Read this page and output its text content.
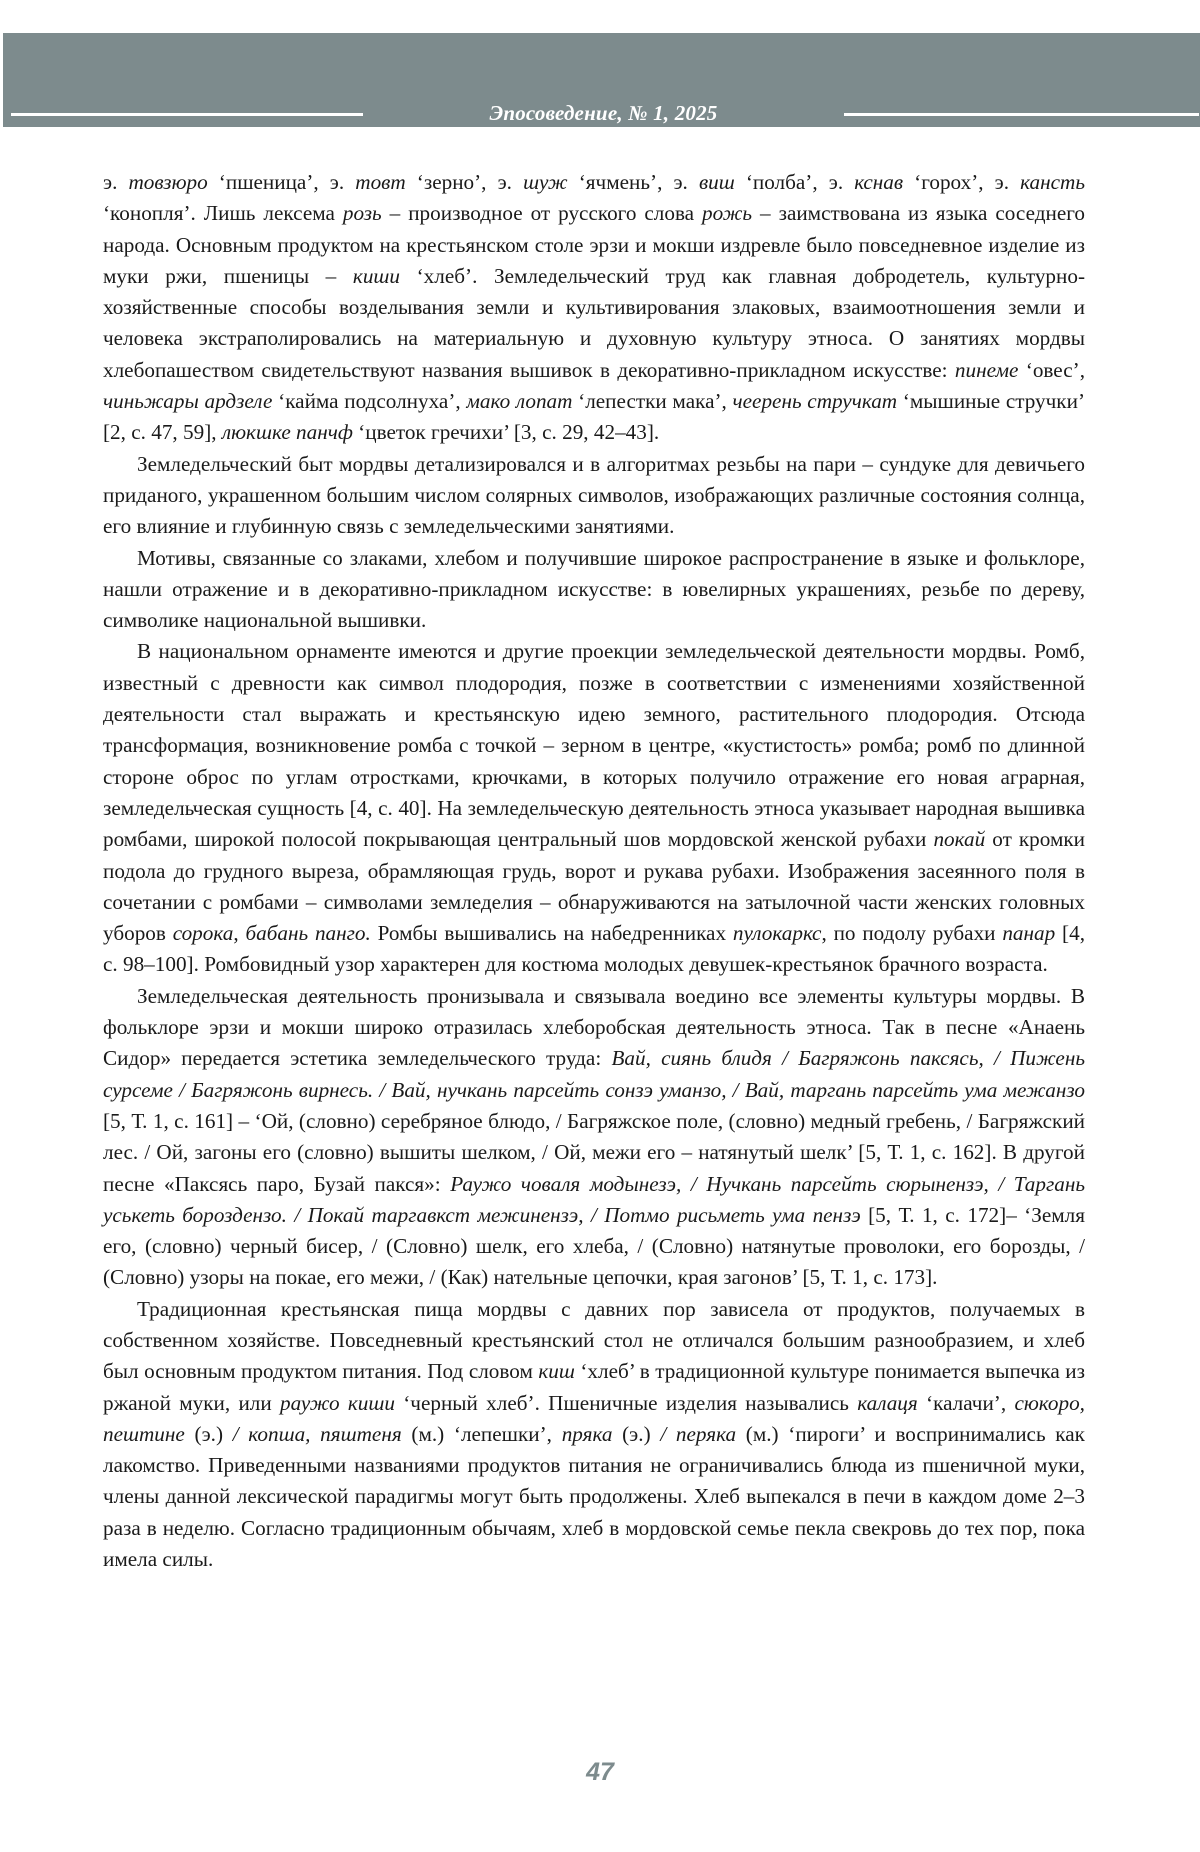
Эпосоведение, № 1, 2025

э. товзюро ‘пшеница’, э. товт ‘зерно’, э. шуж ‘ячмень’, э. виш ‘полба’, э. кснав ‘горох’, э. кансть ‘конопля’. Лишь лексема розь – производное от русского слова рожь – заимствована из языка соседнего народа. Основным продуктом на крестьянском столе эрзи и мокши издревле было повседневное изделие из муки ржи, пшеницы – киши ‘хлеб’. Земледельческий труд как главная добродетель, культурно-хозяйственные способы возделывания земли и культивирования злаковых, взаимоотношения земли и человека экстраполировались на материальную и духовную культуру этноса. О занятиях мордвы хлебопашеством свидетельствуют названия вышивок в декоративно-прикладном искусстве: пинеме ‘овес’, чиньжары ардзеле ‘кайма подсолнуха’, мако лопат ‘лепестки мака’, чеерень стручкат ‘мышиные стручки’ [2, с. 47, 59], люкшке панчф ‘цветок гречихи’ [3, с. 29, 42–43].

Земледельческий быт мордвы детализировался и в алгоритмах резьбы на пари – сундуке для девичьего приданого, украшенном большим числом солярных символов, изображающих различные состояния солнца, его влияние и глубинную связь с земледельческими занятиями.

Мотивы, связанные со злаками, хлебом и получившие широкое распространение в языке и фольклоре, нашли отражение и в декоративно-прикладном искусстве: в ювелирных украшениях, резьбе по дереву, символике национальной вышивки.

В национальном орнаменте имеются и другие проекции земледельческой деятельности мордвы. Ромб, известный с древности как символ плодородия, позже в соответствии с изменениями хозяйственной деятельности стал выражать и крестьянскую идею земного, растительного плодородия. Отсюда трансформация, возникновение ромба с точкой – зерном в центре, «кустистость» ромба; ромб по длинной стороне оброс по углам отростками, крючками, в которых получило отражение его новая аграрная, земледельческая сущность [4, с. 40]. На земледельческую деятельность этноса указывает народная вышивка ромбами, широкой полосой покрывающая центральный шов мордовской женской рубахи покай от кромки подола до грудного выреза, обрамляющая грудь, ворот и рукава рубахи. Изображения засеянного поля в сочетании с ромбами – символами земледелия – обнаруживаются на затылочной части женских головных уборов сорока, бабань панго. Ромбы вышивались на набедренниках пулокаркс, по подолу рубахи панар [4, с. 98–100]. Ромбовидный узор характерен для костюма молодых девушек-крестьянок брачного возраста.

Земледельческая деятельность пронизывала и связывала воедино все элементы культуры мордвы. В фольклоре эрзи и мокши широко отразилась хлеборобская деятельность этноса. Так в песне «Анаень Сидор» передается эстетика земледельческого труда: Вай, сиянь блидя / Багряжонь паксясь, / Пижень сурсеме / Багряжонь вирнесь. / Вай, нучкань парсейть сонзэ уманзо, / Вай, таргань парсейть ума межанзо [5, Т. 1, с. 161] – ‘Ой, (словно) серебряное блюдо, / Багряжское поле, (словно) медный гребень, / Багряжский лес. / Ой, загоны его (словно) вышиты шелком, / Ой, межи его – натянутый шелк’ [5, Т. 1, с. 162]. В другой песне «Паксясь паро, Бузай пакся»: Раужо човаля модынезэ, / Нучкань парсейть сюрынензэ, / Таргань уськеть бороздензо. / Покай таргавкст межинензэ, / Потмо рисьметь ума пензэ [5, Т. 1, с. 172]– ‘Земля его, (словно) черный бисер, / (Словно) шелк, его хлеба, / (Словно) натянутые проволоки, его борозды, / (Словно) узоры на покае, его межи, / (Как) нательные цепочки, края загонов’ [5, Т. 1, с. 173].

Традиционная крестьянская пища мордвы с давних пор зависела от продуктов, получаемых в собственном хозяйстве. Повседневный крестьянский стол не отличался большим разнообразием, и хлеб был основным продуктом питания. Под словом киш ‘хлеб’ в традиционной культуре понимается выпечка из ржаной муки, или раужо киши ‘черный хлеб’. Пшеничные изделия назывались калаця ‘калачи’, сюкоро, пештине (э.) / копша, пяштеня (м.) ‘лепешки’, пряка (э.) / перяка (м.) ‘пироги’ и воспринимались как лакомство. Приведенными названиями продуктов питания не ограничивались блюда из пшеничной муки, члены данной лексической парадигмы могут быть продолжены. Хлеб выпекался в печи в каждом доме 2–3 раза в неделю. Согласно традиционным обычаям, хлеб в мордовской семье пекла свекровь до тех пор, пока имела силы.

47
